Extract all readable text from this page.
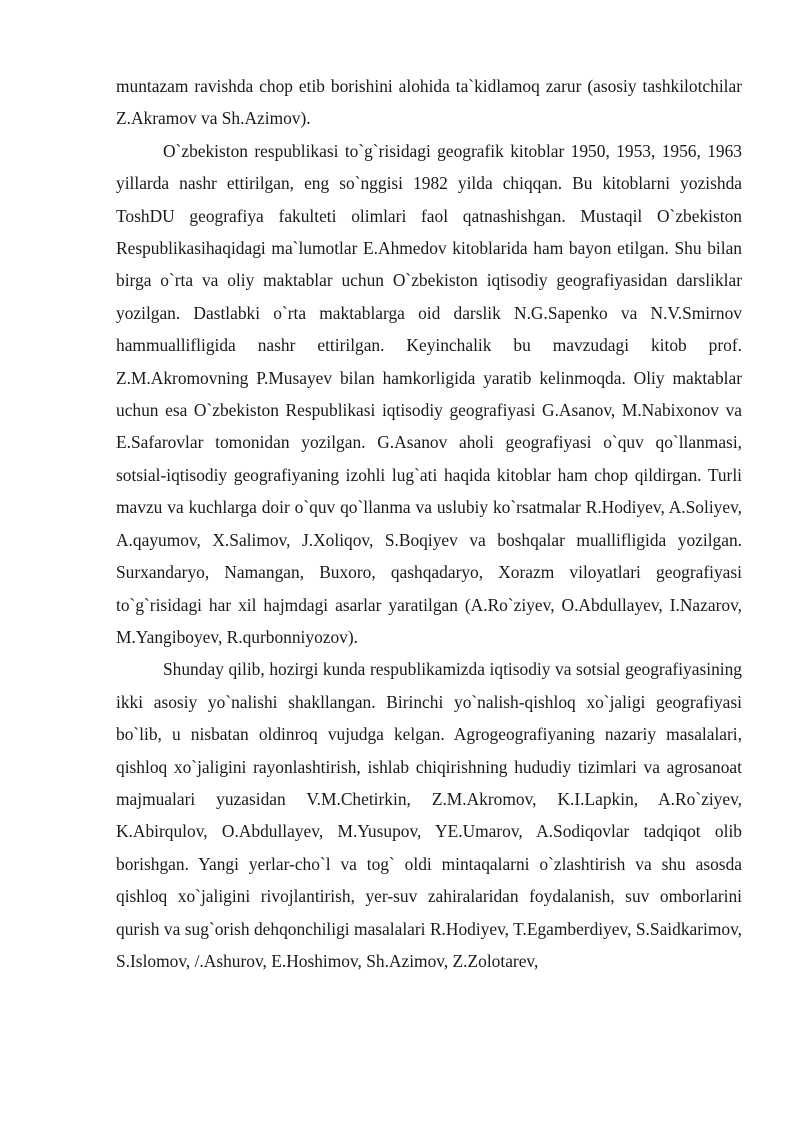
muntazam ravishda chop etib borishini alohida ta`kidlamoq zarur (asosiy tashkilotchilar Z.Akramov va Sh.Azimov).

O`zbekiston respublikasi to`g`risidagi geografik kitoblar 1950, 1953, 1956, 1963 yillarda nashr ettirilgan, eng so`nggisi 1982 yilda chiqqan. Bu kitoblarni yozishda ToshDU geografiya fakulteti olimlari faol qatnashishgan. Mustaqil O`zbekiston Respublikasihaqidagi ma`lumotlar E.Ahmedov kitoblarida ham bayon etilgan. Shu bilan birga o`rta va oliy maktablar uchun O`zbekiston iqtisodiy geografiyasidan darsliklar yozilgan. Dastlabki o`rta maktablarga oid darslik N.G.Sapenko va N.V.Smirnov hammuallifligida nashr ettirilgan. Keyinchalik bu mavzudagi kitob prof. Z.M.Akromovning P.Musayev bilan hamkorligida yaratib kelinmoqda. Oliy maktablar uchun esa O`zbekiston Respublikasi iqtisodiy geografiyasi G.Asanov, M.Nabixonov va E.Safarovlar tomonidan yozilgan. G.Asanov aholi geografiyasi o`quv qo`llanmasi, sotsial-iqtisodiy geografiyaning izohli lug`ati haqida kitoblar ham chop qildirgan. Turli mavzu va kuchlarga doir o`quv qo`llanma va uslubiy ko`rsatmalar R.Hodiyev, A.Soliyev, A.qayumov, X.Salimov, J.Xoliqov, S.Boqiyev va boshqalar muallifligida yozilgan. Surxandaryo, Namangan, Buxoro, qashqadaryo, Xorazm viloyatlari geografiyasi to`g`risidagi har xil hajmdagi asarlar yaratilgan (A.Ro`ziyev, O.Abdullayev, I.Nazarov, M.Yangiboyev, R.qurbonniyozov).

Shunday qilib, hozirgi kunda respublikamizda iqtisodiy va sotsial geografiyasining ikki asosiy yo`nalishi shakllangan. Birinchi yo`nalish-qishloq xo`jaligi geografiyasi bo`lib, u nisbatan oldinroq vujudga kelgan. Agrogeografiyaning nazariy masalalari, qishloq xo`jaligini rayonlashtirish, ishlab chiqirishning hududiy tizimlari va agrosanoat majmualari yuzasidan V.M.Chetirkin, Z.M.Akromov, K.I.Lapkin, A.Ro`ziyev, K.Abirqulov, O.Abdullayev, M.Yusupov, YE.Umarov, A.Sodiqovlar tadqiqot olib borishgan. Yangi yerlar-cho`l va tog` oldi mintaqalarni o`zlashtirish va shu asosda qishloq xo`jaligini rivojlantirish, yer-suv zahiralaridan foydalanish, suv omborlarini qurish va sug`orish dehqonchiligi masalalari R.Hodiyev, T.Egamberdiyev, S.Saidkarimov, S.Islomov, /.Ashurov, E.Hoshimov, Sh.Azimov, Z.Zolotarev,
